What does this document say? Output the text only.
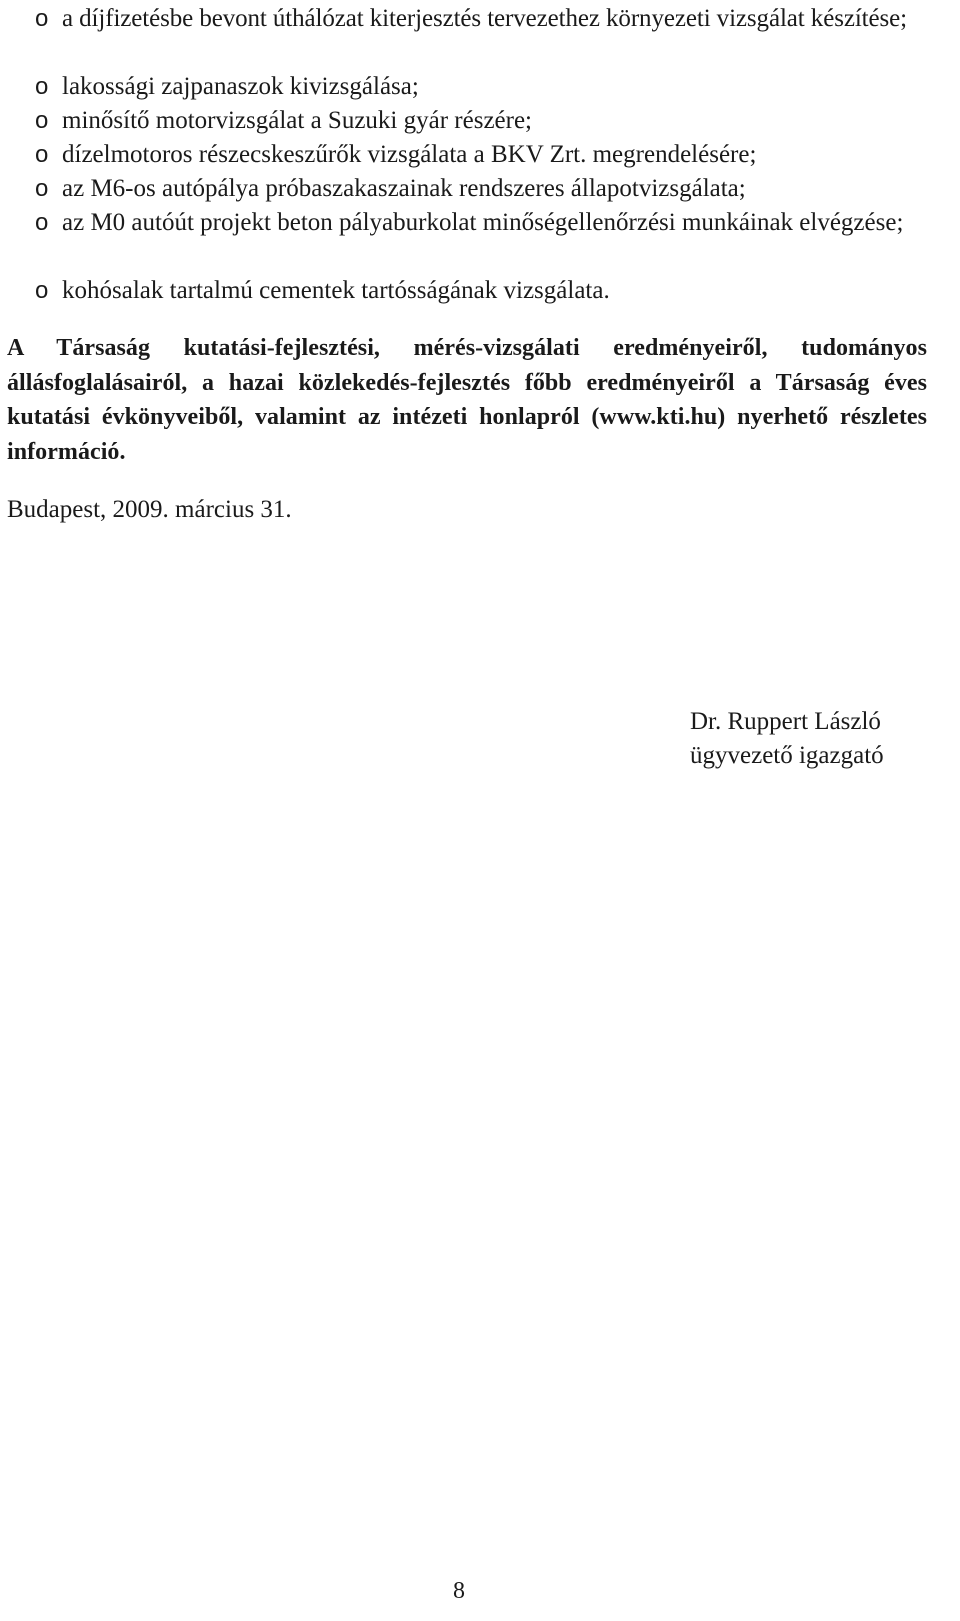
o a díjfizetésbe bevont úthálózat kiterjesztés tervezethez környezeti vizsgálat készítése;
o lakossági zajpanaszok kivizsgálása;
o minősítő motorvizsgálat a Suzuki gyár részére;
o dízelmotoros részecskeszűrők vizsgálata a BKV Zrt. megrendelésére;
o az M6-os autópálya próbaszakaszainak rendszeres állapotvizsgálata;
o az M0 autóút projekt beton pályaburkolat minőségellenőrzési munkáinak elvégzése;
o kohósalak tartalmú cementek tartósságának vizsgálata.

A Társaság kutatási-fejlesztési, mérés-vizsgálati eredményeiről, tudományos állásfoglalásairól, a hazai közlekedés-fejlesztés főbb eredményeiről a Társaság éves kutatási évkönyveiből, valamint az intézeti honlapról (www.kti.hu) nyerhető részletes információ.

Budapest, 2009. március 31.
Dr. Ruppert László
ügyvezető igazgató
8
